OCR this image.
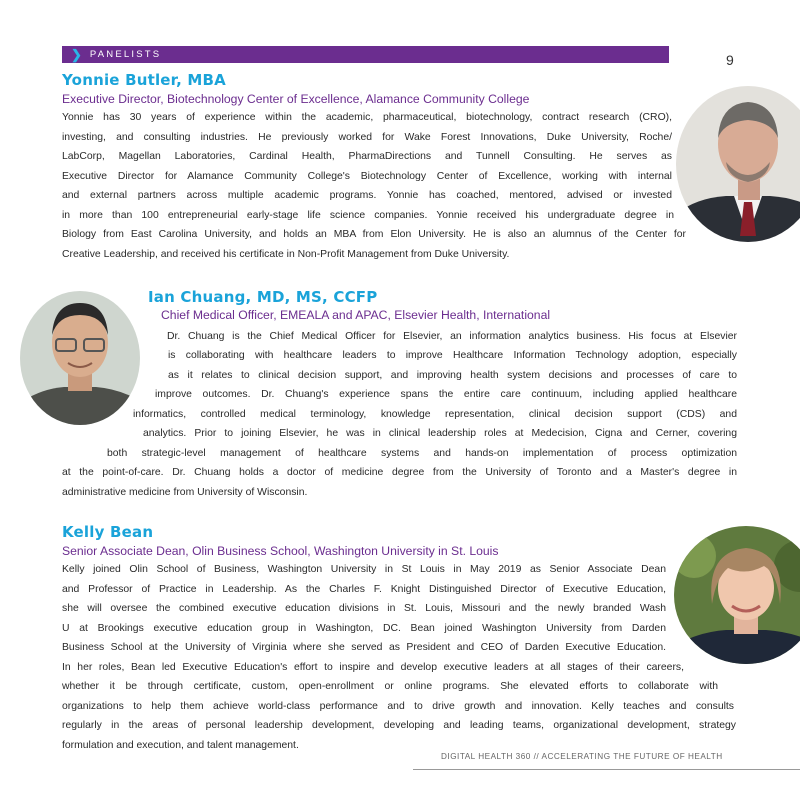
❯ PANELISTS	9
Yonnie Butler, MBA
Executive Director, Biotechnology Center of Excellence, Alamance Community College
Yonnie has 30 years of experience within the academic, pharmaceutical, biotechnology, contract research (CRO),
investing, and consulting industries. He previously worked for Wake Forest Innovations, Duke University, Roche/
LabCorp, Magellan Laboratories, Cardinal Health, PharmaDirections and Tunnell Consulting. He serves as
Executive Director for Alamance Community College's Biotechnology Center of Excellence, working with internal
and external partners across multiple academic programs. Yonnie has coached, mentored, advised or invested
in more than 100 entrepreneurial early-stage life science companies. Yonnie received his undergraduate degree in
Biology from East Carolina University, and holds an MBA from Elon University. He is also an alumnus of the Center for
Creative Leadership, and received his certificate in Non-Profit Management from Duke University.
Ian Chuang, MD, MS, CCFP
Chief Medical Officer, EMEALA and APAC, Elsevier Health, International
Dr. Chuang is the Chief Medical Officer for Elsevier, an information analytics business. His focus at Elsevier
is collaborating with healthcare leaders to improve Healthcare Information Technology adoption, especially
as it relates to clinical decision support, and improving health system decisions and processes of care to
improve outcomes. Dr. Chuang's experience spans the entire care continuum, including applied healthcare
informatics, controlled medical terminology, knowledge representation, clinical decision support (CDS) and
analytics. Prior to joining Elsevier, he was in clinical leadership roles at Medecision, Cigna and Cerner, covering
both strategic-level management of healthcare systems and hands-on implementation of process optimization
at the point-of-care. Dr. Chuang holds a doctor of medicine degree from the University of Toronto and a Master's degree in
administrative medicine from University of Wisconsin.
Kelly Bean
Senior Associate Dean, Olin Business School, Washington University in St. Louis
Kelly joined Olin School of Business, Washington University in St Louis in May 2019 as Senior Associate Dean
and Professor of Practice in Leadership. As the Charles F. Knight Distinguished Director of Executive Education,
she will oversee the combined executive education divisions in St. Louis, Missouri and the newly branded Wash
U at Brookings executive education group in Washington, DC. Bean joined Washington University from Darden
Business School at the University of Virginia where she served as President and CEO of Darden Executive Education.
In her roles, Bean led Executive Education's effort to inspire and develop executive leaders at all stages of their careers,
whether it be through certificate, custom, open-enrollment or online programs. She elevated efforts to collaborate with
organizations to help them achieve world-class performance and to drive growth and innovation. Kelly teaches and consults
regularly in the areas of personal leadership development, developing and leading teams, organizational development, strategy
formulation and execution, and talent management.
DIGITAL HEALTH 360 // ACCELERATING THE FUTURE OF HEALTH
